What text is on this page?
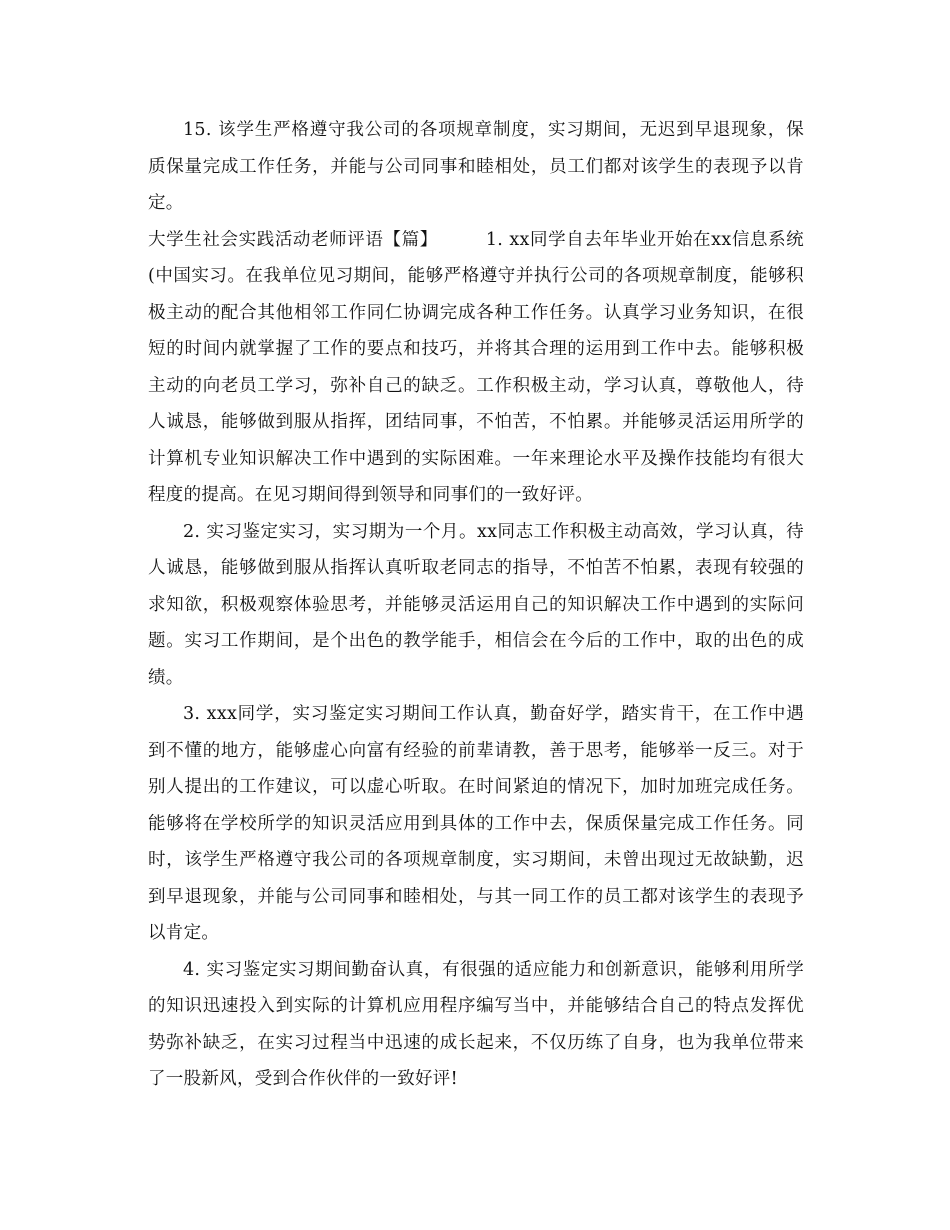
15. 该学生严格遵守我公司的各项规章制度，实习期间，无迟到早退现象，保质保量完成工作任务，并能与公司同事和睦相处，员工们都对该学生的表现予以肯定。

大学生社会实践活动老师评语【篇】	1. xx同学自去年毕业开始在xx信息系统(中国实习。在我单位见习期间，能够严格遵守并执行公司的各项规章制度，能够积极主动的配合其他相邻工作同仁协调完成各种工作任务。认真学习业务知识，在很短的时间内就掌握了工作的要点和技巧，并将其合理的运用到工作中去。能够积极主动的向老员工学习，弥补自己的缺乏。工作积极主动，学习认真，尊敬他人，待人诚恳，能够做到服从指挥，团结同事，不怕苦，不怕累。并能够灵活运用所学的计算机专业知识解决工作中遇到的实际困难。一年来理论水平及操作技能均有很大程度的提高。在见习期间得到领导和同事们的一致好评。

2. 实习鉴定实习，实习期为一个月。xx同志工作积极主动高效，学习认真，待人诚恳，能够做到服从指挥认真听取老同志的指导，不怕苦不怕累，表现有较强的求知欲，积极观察体验思考，并能够灵活运用自己的知识解决工作中遇到的实际问题。实习工作期间，是个出色的教学能手，相信会在今后的工作中，取的出色的成绩。

3. xxx同学，实习鉴定实习期间工作认真，勤奋好学，踏实肯干，在工作中遇到不懂的地方，能够虚心向富有经验的前辈请教，善于思考，能够举一反三。对于别人提出的工作建议，可以虚心听取。在时间紧迫的情况下，加时加班完成任务。能够将在学校所学的知识灵活应用到具体的工作中去，保质保量完成工作任务。同时，该学生严格遵守我公司的各项规章制度，实习期间，未曾出现过无故缺勤，迟到早退现象，并能与公司同事和睦相处，与其一同工作的员工都对该学生的表现予以肯定。

4. 实习鉴定实习期间勤奋认真，有很强的适应能力和创新意识，能够利用所学的知识迅速投入到实际的计算机应用程序编写当中，并能够结合自己的特点发挥优势弥补缺乏，在实习过程当中迅速的成长起来，不仅历练了自身，也为我单位带来了一股新风，受到合作伙伴的一致好评!
